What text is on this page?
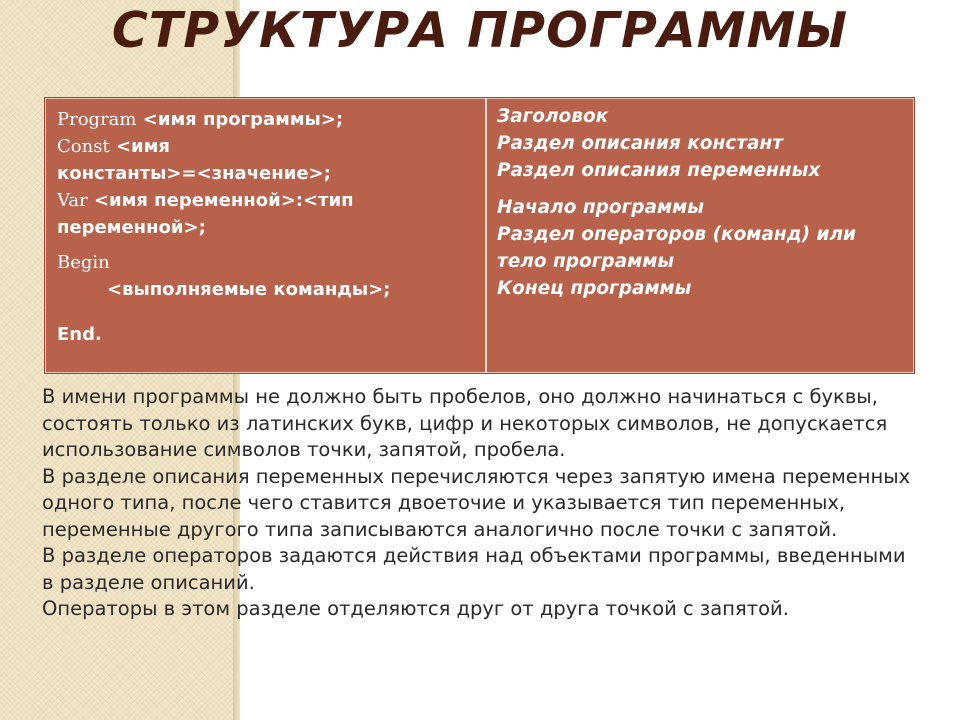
СТРУКТУРА ПРОГРАММЫ
Program <имя программы>;
Const <имя
константы>=<значение>;
Var <имя переменной>:<тип
переменной>;
Begin
<выполняемые команды>;
End.
Заголовок
Раздел описания констант
Раздел описания переменных
Начало программы
Раздел операторов (команд) или
тело программы
Конец программы

В имени программы не должно быть пробелов, оно должно начинаться с буквы, состоять только из латинских букв, цифр и некоторых символов, не допускается использование символов точки, запятой, пробела.

В разделе описания переменных перечисляются через запятую имена переменных одного типа, после чего ставится двоеточие и указывается тип переменных, переменные другого типа записываются аналогично после точки с запятой.

В разделе операторов задаются действия над объектами программы, введенными в разделе описаний.

Операторы в этом разделе отделяются друг от друга точкой с запятой.
